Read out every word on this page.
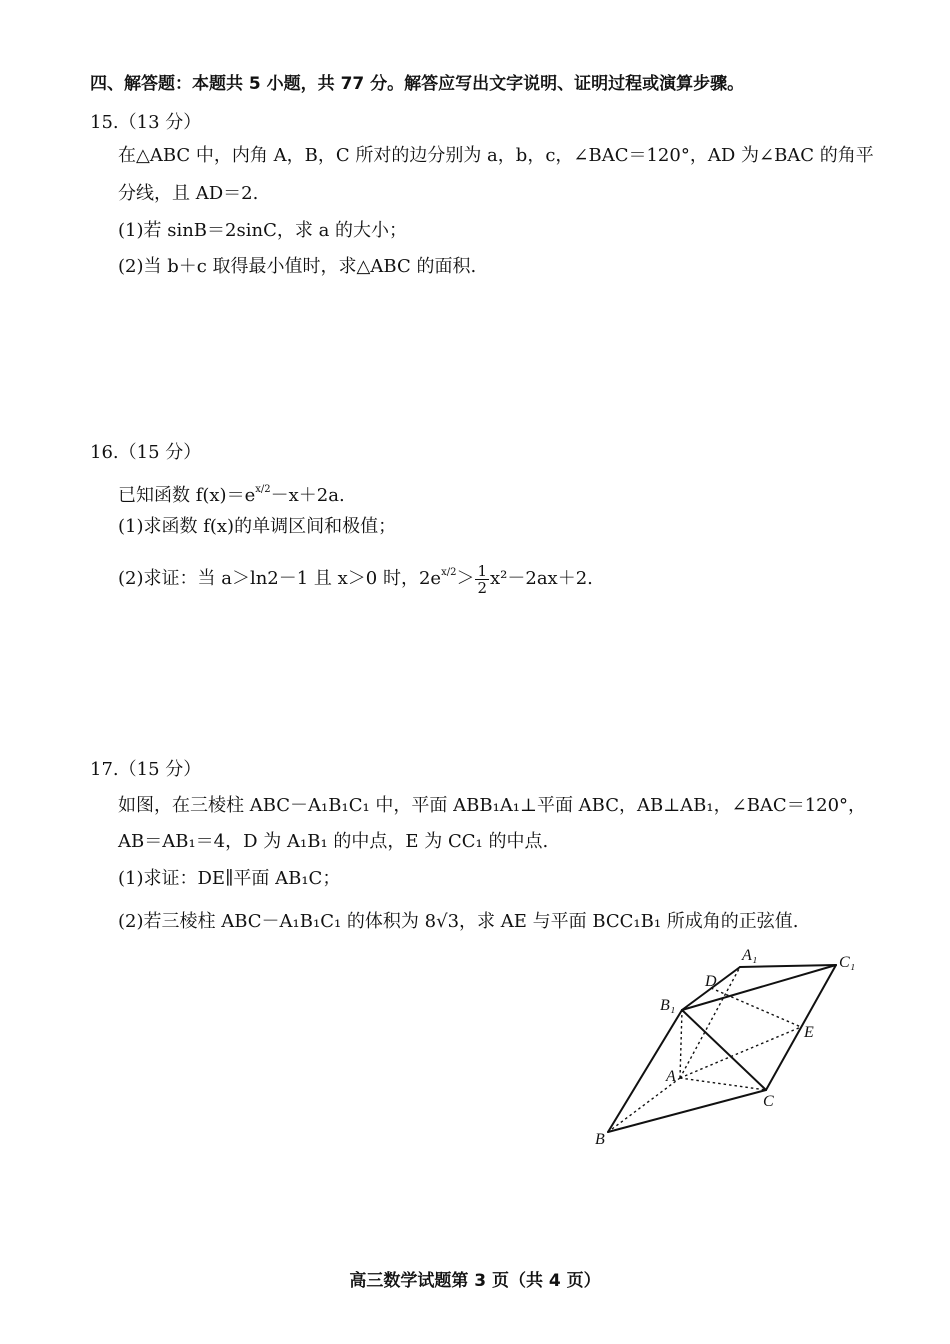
四、解答题：本题共 5 小题，共 77 分。解答应写出文字说明、证明过程或演算步骤。
15.（13 分）
在△ABC 中，内角 A，B，C 所对的边分别为 a，b，c，∠BAC＝120°，AD 为∠BAC 的角平
分线，且 AD＝2.
(1)若 sinB＝2sinC，求 a 的大小；
(2)当 b＋c 取得最小值时，求△ABC 的面积.
16.（15 分）
已知函数 $f(x)=e^{x/2}-x+2a$.
(1)求函数 f(x)的单调区间和极值；
(2)求证：当 a＞ln2－1 且 x＞0 时，$2e^{x/2}> \frac{1}{2} x^2-2ax+2$.
17.（15 分）
如图，在三棱柱 ABC－A₁B₁C₁ 中，平面 ABB₁A₁⊥平面 ABC，AB⊥AB₁，∠BAC＝120°，
AB＝AB₁＝4，D 为 A₁B₁ 的中点，E 为 CC₁ 的中点.
(1)求证：DE∥平面 AB₁C；
(2)若三棱柱 ABC－A₁B₁C₁ 的体积为 8√3，求 AE 与平面 BCC₁B₁ 所成角的正弦值.
A₁	C₁
D
B₁
E
A
C
B
高三数学试题第 3 页（共 4 页）
